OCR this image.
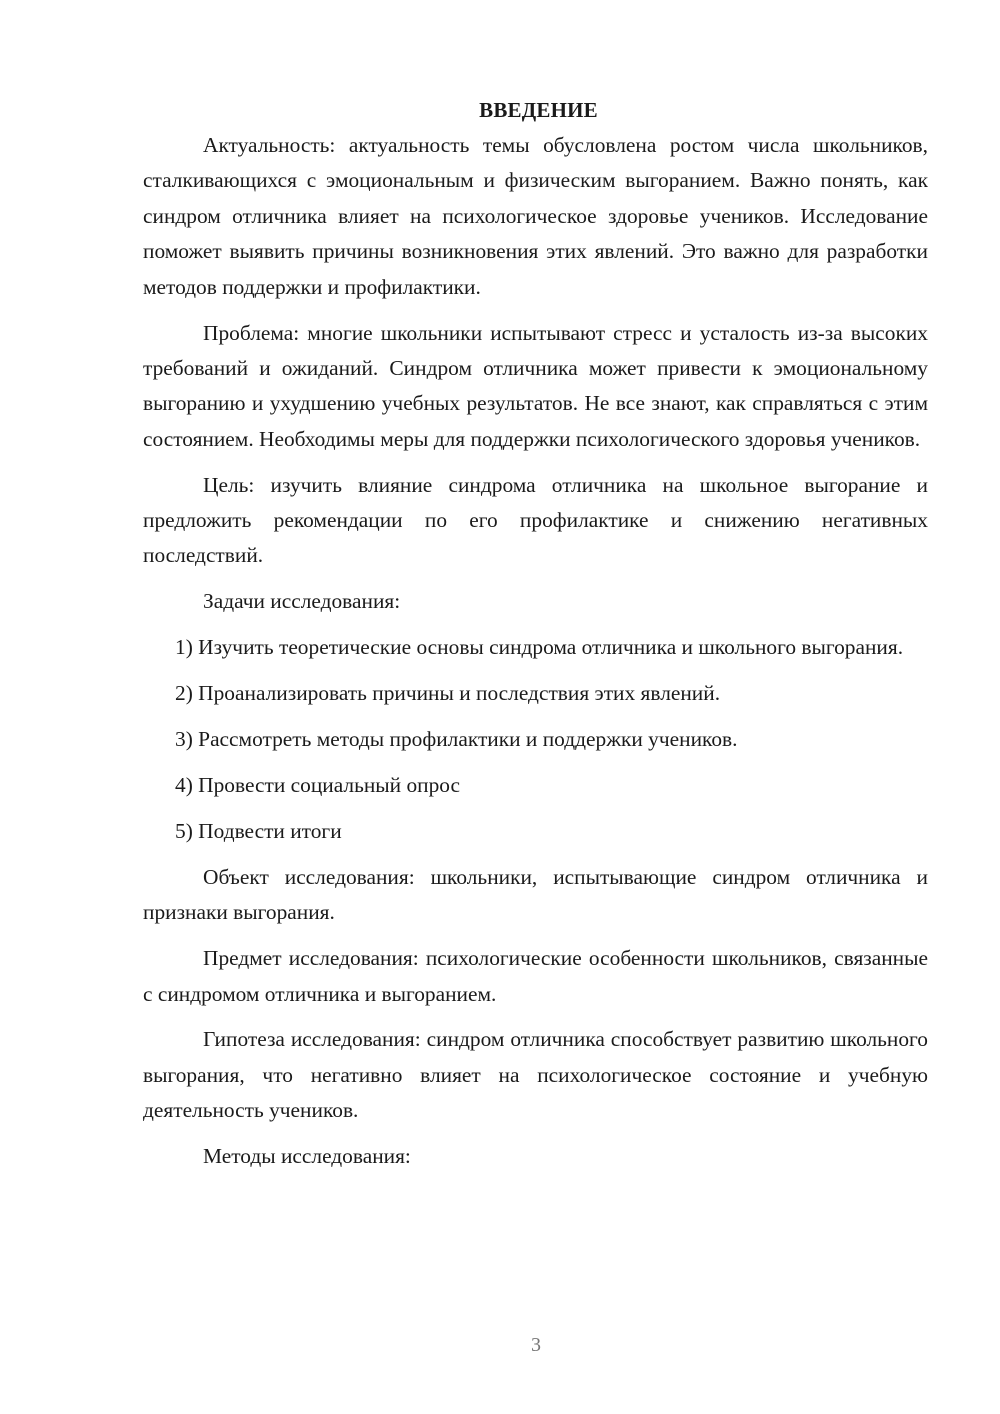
ВВЕДЕНИЕ

Актуальность: актуальность темы обусловлена ростом числа школьников, сталкивающихся с эмоциональным и физическим выгоранием. Важно понять, как синдром отличника влияет на психологическое здоровье учеников. Исследование поможет выявить причины возникновения этих явлений. Это важно для разработки методов поддержки и профилактики.

Проблема: многие школьники испытывают стресс и усталость из-за высоких требований и ожиданий. Синдром отличника может привести к эмоциональному выгоранию и ухудшению учебных результатов. Не все знают, как справляться с этим состоянием. Необходимы меры для поддержки психологического здоровья учеников.

Цель: изучить влияние синдрома отличника на школьное выгорание и предложить рекомендации по его профилактике и снижению негативных последствий.

Задачи исследования:

1) Изучить теоретические основы синдрома отличника и школьного выгорания.

2) Проанализировать причины и последствия этих явлений.

3) Рассмотреть методы профилактики и поддержки учеников.

4) Провести социальный опрос

5) Подвести итоги

Объект исследования: школьники, испытывающие синдром отличника и признаки выгорания.

Предмет исследования: психологические особенности школьников, связанные с синдромом отличника и выгоранием.

Гипотеза исследования: синдром отличника способствует развитию школьного выгорания, что негативно влияет на психологическое состояние и учебную деятельность учеников.

Методы исследования:

3
